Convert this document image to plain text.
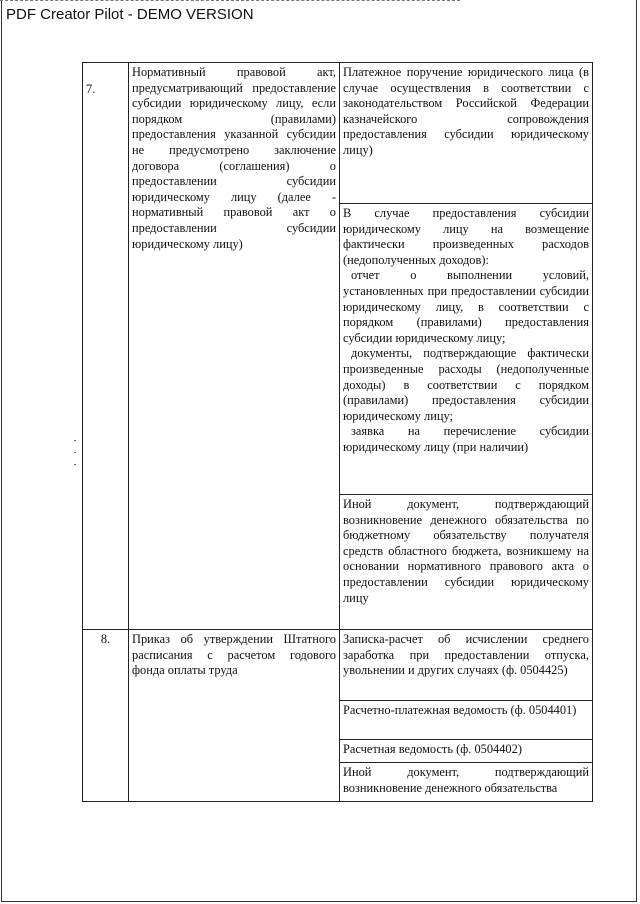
PDF Creator Pilot - DEMO VERSION
7.	Нормативный правовой акт, предусматривающий предоставление субсидии юридическому лицу, если порядком (правилами) предоставления указанной субсидии не предусмотрено заключение договора (соглашения) о предоставлении субсидии юридическому лицу (далее - нормативный правовой акт о предоставлении субсидии юридическому лицу)	Платежное поручение юридического лица (в случае осуществления в соответствии с законодательством Российской Федерации казначейского сопровождения предоставления субсидии юридическому лицу)

		В случае предоставления субсидии юридическому лицу на возмещение фактически произведенных расходов (недополученных доходов):
отчет о выполнении условий, установленных при предоставлении субсидии юридическому лицу, в соответствии с порядком (правилами) предоставления субсидии юридическому лицу;
документы, подтверждающие фактически произведенные расходы (недополученные доходы) в соответствии с порядком (правилами) предоставления субсидии юридическому лицу;
заявка на перечисление субсидии юридическому лицу (при наличии)

		Иной документ, подтверждающий возникновение денежного обязательства по бюджетному обязательству получателя средств областного бюджета, возникшему на основании нормативного правового акта о предоставлении субсидии юридическому лицу
8.	Приказ об утверждении Штатного расписания с расчетом годового фонда оплаты труда	Записка-расчет об исчислении среднего заработка при предоставлении отпуска, увольнении и других случаях (ф. 0504425)
		Расчетно-платежная ведомость (ф. 0504401)
		Расчетная ведомость (ф. 0504402)
		Иной документ, подтверждающий возникновение денежного обязательства
